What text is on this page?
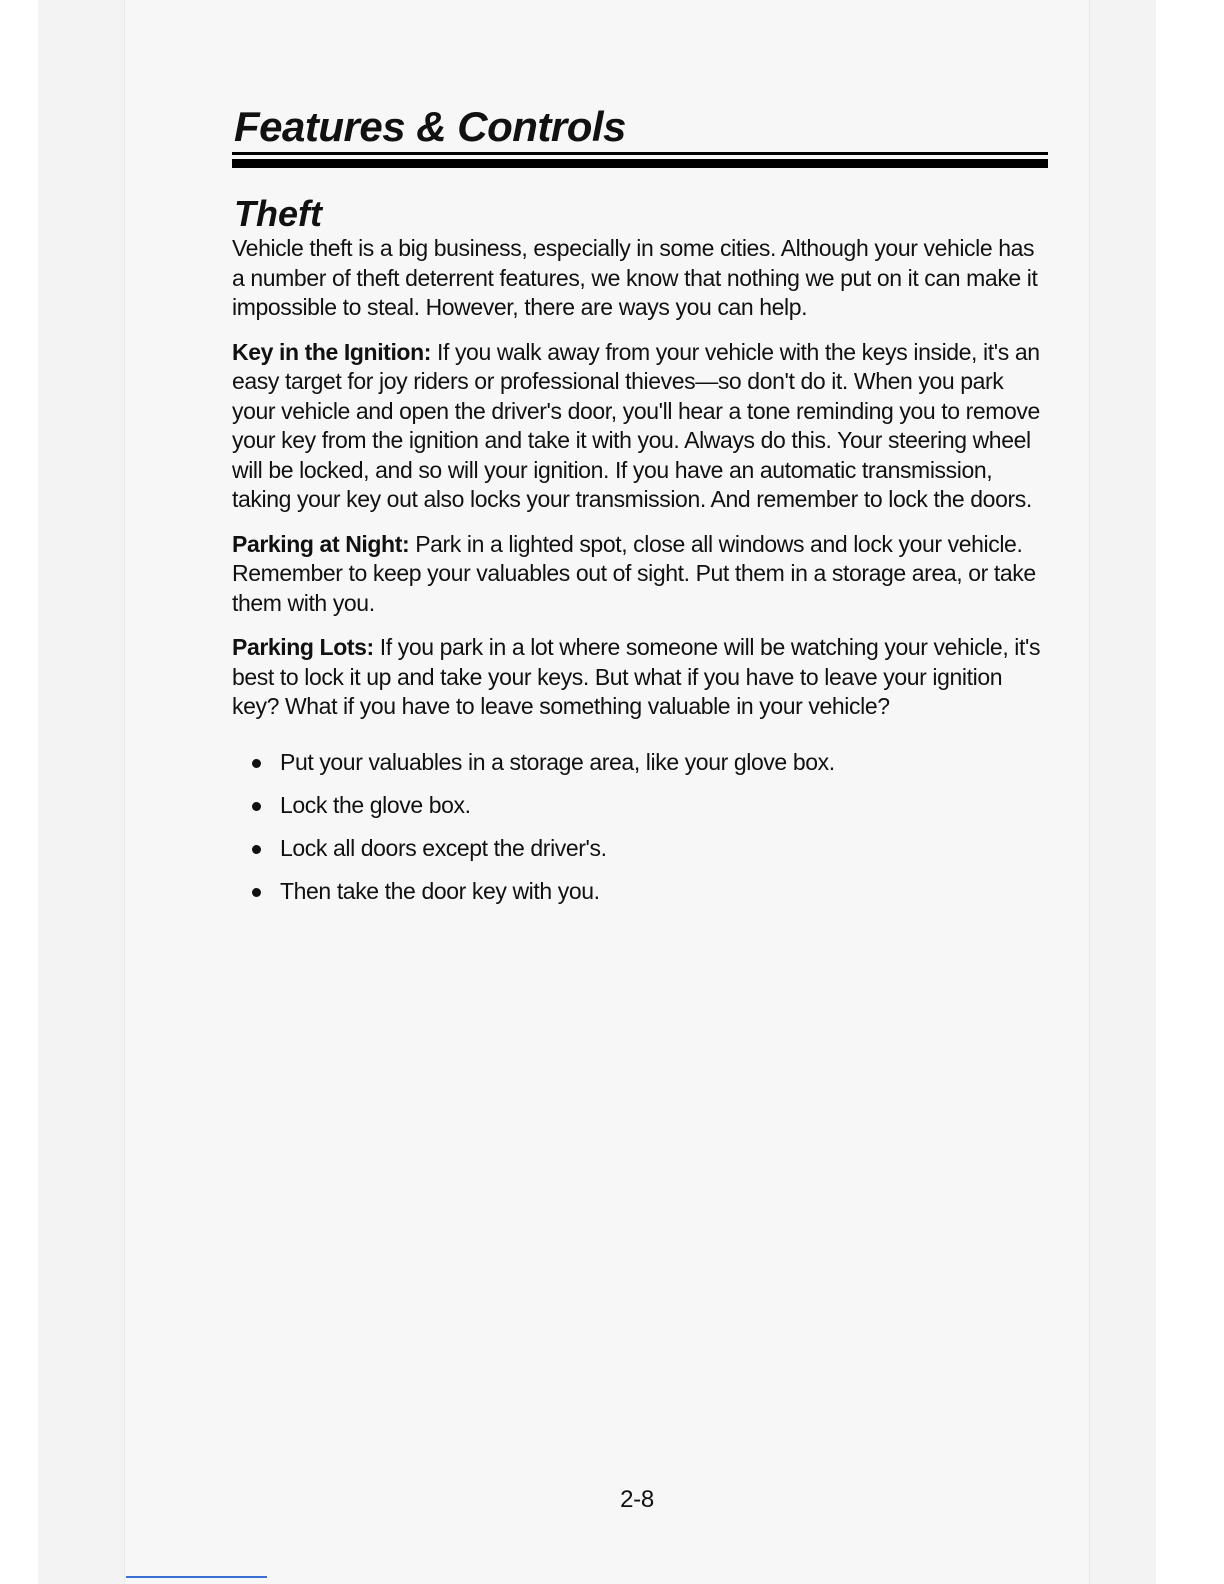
Features & Controls
Theft

Vehicle theft is a big business, especially in some cities. Although your vehicle has a number of theft deterrent features, we know that nothing we put on it can make it impossible to steal. However, there are ways you can help.

Key in the Ignition: If you walk away from your vehicle with the keys inside, it's an easy target for joy riders or professional thieves—so don't do it. When you park your vehicle and open the driver's door, you'll hear a tone reminding you to remove your key from the ignition and take it with you. Always do this. Your steering wheel will be locked, and so will your ignition. If you have an automatic transmission, taking your key out also locks your transmission. And remember to lock the doors.

Parking at Night: Park in a lighted spot, close all windows and lock your vehicle. Remember to keep your valuables out of sight. Put them in a storage area, or take them with you.

Parking Lots: If you park in a lot where someone will be watching your vehicle, it's best to lock it up and take your keys. But what if you have to leave your ignition key? What if you have to leave something valuable in your vehicle?

Put your valuables in a storage area, like your glove box.
Lock the glove box.
Lock all doors except the driver's.
Then take the door key with you.
2-8
